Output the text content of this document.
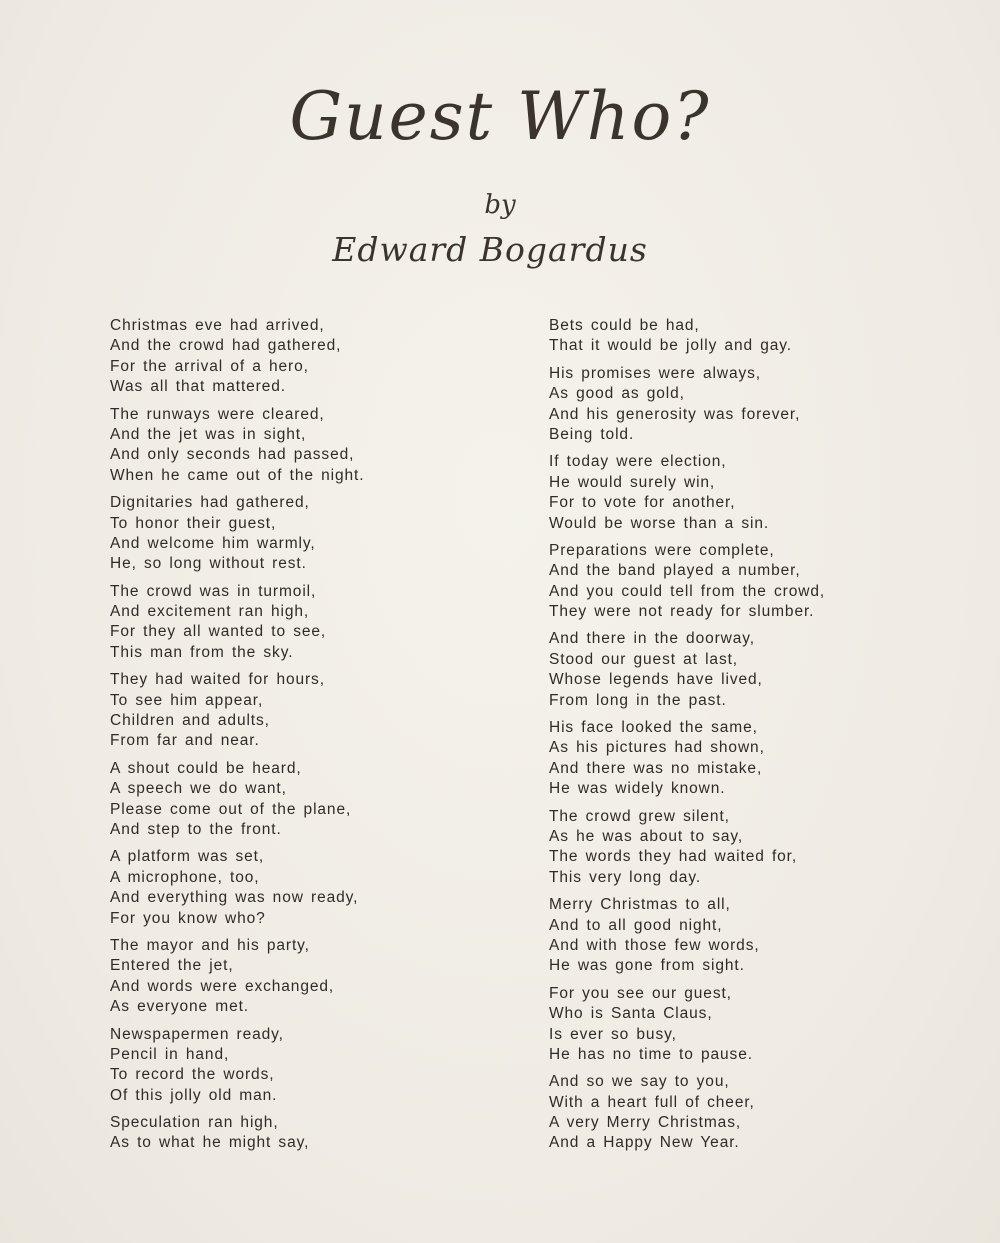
Guest Who?
by
Edward Bogardus
Christmas eve had arrived,
And the crowd had gathered,
For the arrival of a hero,
Was all that mattered.
The runways were cleared,
And the jet was in sight,
And only seconds had passed,
When he came out of the night.
Dignitaries had gathered,
To honor their guest,
And welcome him warmly,
He, so long without rest.
The crowd was in turmoil,
And excitement ran high,
For they all wanted to see,
This man from the sky.
They had waited for hours,
To see him appear,
Children and adults,
From far and near.
A shout could be heard,
A speech we do want,
Please come out of the plane,
And step to the front.
A platform was set,
A microphone, too,
And everything was now ready,
For you know who?
The mayor and his party,
Entered the jet,
And words were exchanged,
As everyone met.
Newspapermen ready,
Pencil in hand,
To record the words,
Of this jolly old man.
Speculation ran high,
As to what he might say,
Bets could be had,
That it would be jolly and gay.
His promises were always,
As good as gold,
And his generosity was forever,
Being told.
If today were election,
He would surely win,
For to vote for another,
Would be worse than a sin.
Preparations were complete,
And the band played a number,
And you could tell from the crowd,
They were not ready for slumber.
And there in the doorway,
Stood our guest at last,
Whose legends have lived,
From long in the past.
His face looked the same,
As his pictures had shown,
And there was no mistake,
He was widely known.
The crowd grew silent,
As he was about to say,
The words they had waited for,
This very long day.
Merry Christmas to all,
And to all good night,
And with those few words,
He was gone from sight.
For you see our guest,
Who is Santa Claus,
Is ever so busy,
He has no time to pause.
And so we say to you,
With a heart full of cheer,
A very Merry Christmas,
And a Happy New Year.
